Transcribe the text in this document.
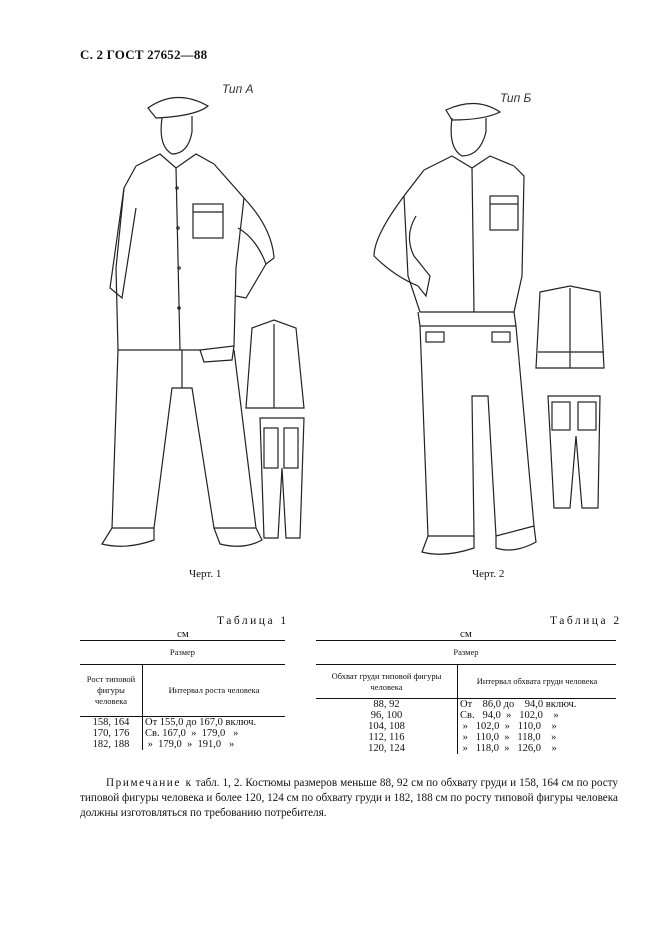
С. 2 ГОСТ 27652—88
Тип А
Черт. 1
Тип Б
Черт. 2
Таблица 1
см
Размер	
Рост типовой фигуры человека	Интервал роста человека
158, 164	От 155,0 до 167,0 включ.
170, 176	Св. 167,0  »  179,0   »
182, 188	»  179,0  »  191,0   »
Таблица 2
см
Размер	
Обхват груди типовой фигуры человека	Интервал обхвата груди человека
88, 92	От    86,0 до    94,0 включ.
96, 100	Св.   94,0  »   102,0    »
104, 108	»   102,0  »   110,0    »
112, 116	»   110,0  »   118,0    »
120, 124	»   118,0  »   126,0    »
Примечание к табл. 1, 2. Костюмы размеров меньше 88, 92 см по обхвату груди и 158, 164 см по росту типовой фигуры человека и более 120, 124 см по обхвату груди и 182, 188 см по росту типовой фигуры человека должны изготовляться по требованию потребителя.
